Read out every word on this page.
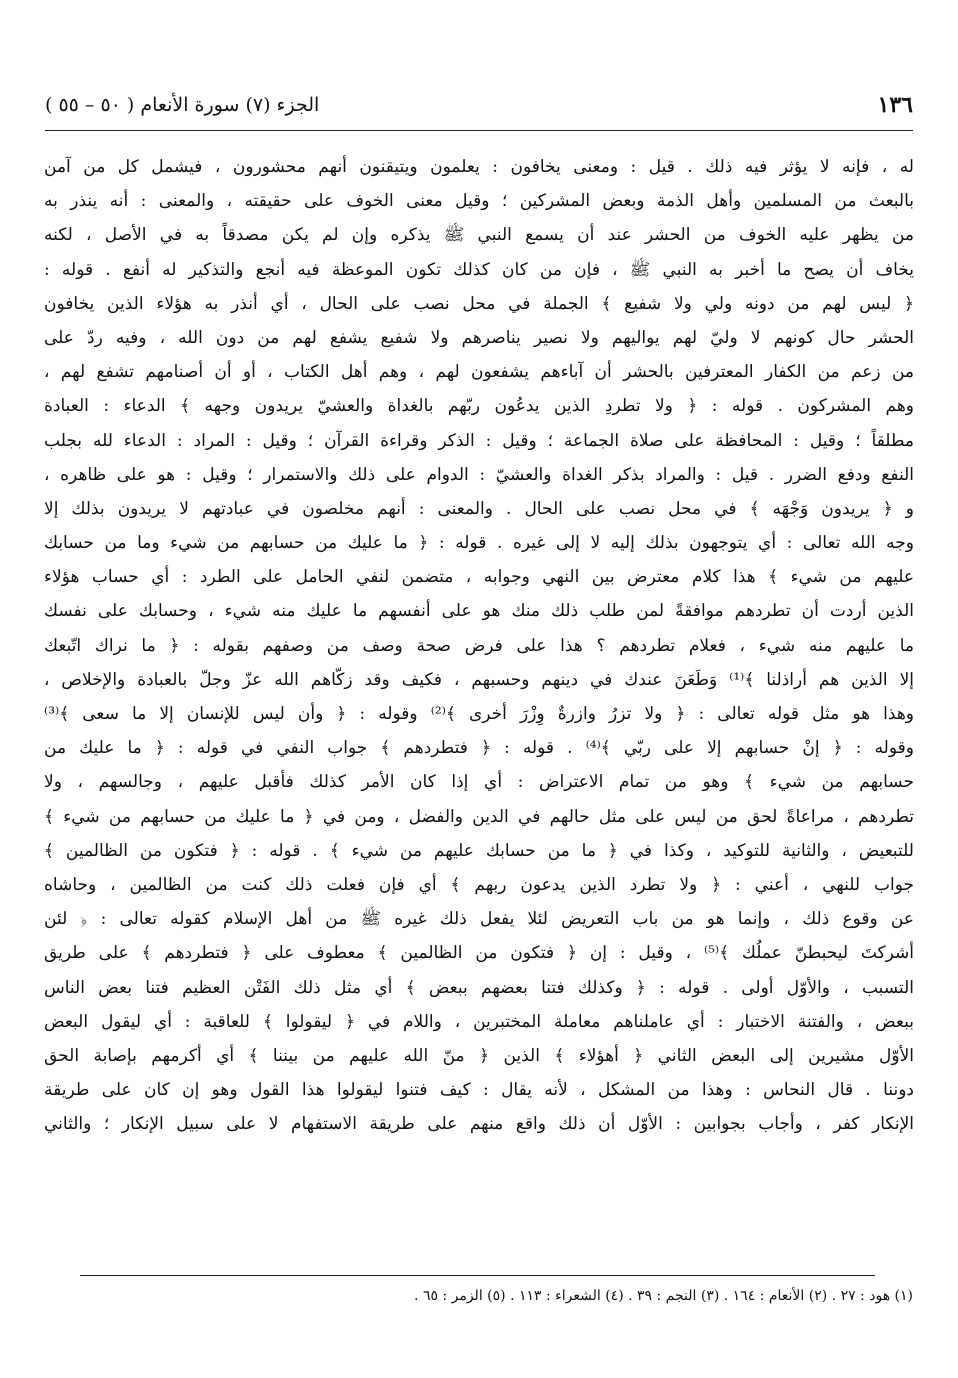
١٣٦
الجزء (٧) سورة الأنعام ( ٥٠ – ٥٥ )
له ، فإنه لا يؤثر فيه ذلك . قيل : ومعنى يخافون : يعلمون ويتيقنون أنهم محشورون ، فيشمل كل من آمن
بالبعث من المسلمين وأهل الذمة وبعض المشركين ؛ وقيل معنى الخوف على حقيقته ، والمعنى : أنه ينذر به
من يظهر عليه الخوف من الحشر عند أن يسمع النبي ﷺ يذكره وإن لم يكن مصدقاً به في الأصل ، لكنه
يخاف أن يصح ما أخبر به النبي ﷺ ، فإن من كان كذلك تكون الموعظة فيه أنجع والتذكير له أنفع . قوله :
﴿ ليس لهم من دونه ولي ولا شفيع ﴾ الجملة في محل نصب على الحال ، أي أنذر به هؤلاء الذين يخافون
الحشر حال كونهم لا وليّ لهم يواليهم ولا نصير يناصرهم ولا شفيع يشفع لهم من دون الله ، وفيه ردّ على
من زعم من الكفار المعترفين بالحشر أن آباءهم يشفعون لهم ، وهم أهل الكتاب ، أو أن أصنامهم تشفع لهم ،
وهم المشركون . قوله : ﴿ ولا تطردِ الذين يدعُون ربّهم بالغداة والعشيّ يريدون وجهه ﴾ الدعاء : العبادة
مطلقاً ؛ وقيل : المحافظة على صلاة الجماعة ؛ وقيل : الذكر وقراءة القرآن ؛ وقيل : المراد : الدعاء لله بجلب
النفع ودفع الضرر . قيل : والمراد بذكر الغداة والعشيّ : الدوام على ذلك والاستمرار ؛ وقيل : هو على ظاهره ،
و ﴿ يريدون وَجْهَه ﴾ في محل نصب على الحال . والمعنى : أنهم مخلصون في عبادتهم لا يريدون بذلك إلا
وجه الله تعالى : أي يتوجهون بذلك إليه لا إلى غيره . قوله : ﴿ ما عليك من حسابهم من شيء وما من حسابك
عليهم من شيء ﴾ هذا كلام معترض بين النهي وجوابه ، متضمن لنفي الحامل على الطرد : أي حساب هؤلاء
الذين أردت أن تطردهم موافقةً لمن طلب ذلك منك هو على أنفسهم ما عليك منه شيء ، وحسابك على نفسك
ما عليهم منه شيء ، فعلام تطردهم ؟ هذا على فرض صحة وصف من وصفهم بقوله : ﴿ ما نراك اتّبعك
إلا الذين هم أراذلنا ﴾⁽¹⁾ وَطَعَنَ عندك في دينهم وحسبهم ، فكيف وقد زكّاهم الله عزّ وجلّ بالعبادة والإخلاص ،
وهذا هو مثل قوله تعالى : ﴿ ولا تزرُ وازرةٌ وِزْرَ أخرى ﴾⁽²⁾ وقوله : ﴿ وأن ليس للإنسان إلا ما سعى ﴾⁽³⁾
وقوله : ﴿ إنْ حسابهم إلا على ربّي ﴾⁽⁴⁾ . قوله : ﴿ فتطردهم ﴾ جواب النفي في قوله : ﴿ ما عليك من
حسابهم من شيء ﴾ وهو من تمام الاعتراض : أي إذا كان الأمر كذلك فأقبل عليهم ، وجالسهم ، ولا
تطردهم ، مراعاةً لحق من ليس على مثل حالهم في الدين والفضل ، ومن في ﴿ ما عليك من حسابهم من شيء ﴾
للتبعيض ، والثانية للتوكيد ، وكذا في ﴿ ما من حسابك عليهم من شيء ﴾ . قوله : ﴿ فتكون من الظالمين ﴾
جواب للنهي ، أعني : ﴿ ولا تطرد الذين يدعون ربهم ﴾ أي فإن فعلت ذلك كنت من الظالمين ، وحاشاه
عن وقوع ذلك ، وإنما هو من باب التعريض لئلا يفعل ذلك غيره ﷺ من أهل الإسلام كقوله تعالى : ﴿ لئن
أشركتَ ليحبطنّ عملُك ﴾⁽⁵⁾ ، وقيل : إن ﴿ فتكون من الظالمين ﴾ معطوف على ﴿ فتطردهم ﴾ على طريق
التسبب ، والأوّل أولى . قوله : ﴿ وكذلك فتنا بعضهم ببعض ﴾ أي مثل ذلك الفَتْن العظيم فتنا بعض الناس
ببعض ، والفتنة الاختبار : أي عاملناهم معاملة المختبرين ، واللام في ﴿ ليقولوا ﴾ للعاقبة : أي ليقول البعض
الأوّل مشيرين إلى البعض الثاني ﴿ أهؤلاء ﴾ الذين ﴿ منّ الله عليهم من بيننا ﴾ أي أكرمهم بإصابة الحق
دوننا . قال النحاس : وهذا من المشكل ، لأنه يقال : كيف فتنوا ليقولوا هذا القول وهو إن كان على طريقة
الإنكار كفر ، وأجاب بجوابين : الأوّل أن ذلك واقع منهم على طريقة الاستفهام لا على سبيل الإنكار ؛ والثاني
(١) هود : ٢٧ . (٢) الأنعام : ١٦٤ . (٣) النجم : ٣٩ . (٤) الشعراء : ١١٣ . (٥) الزمر : ٦٥ .
